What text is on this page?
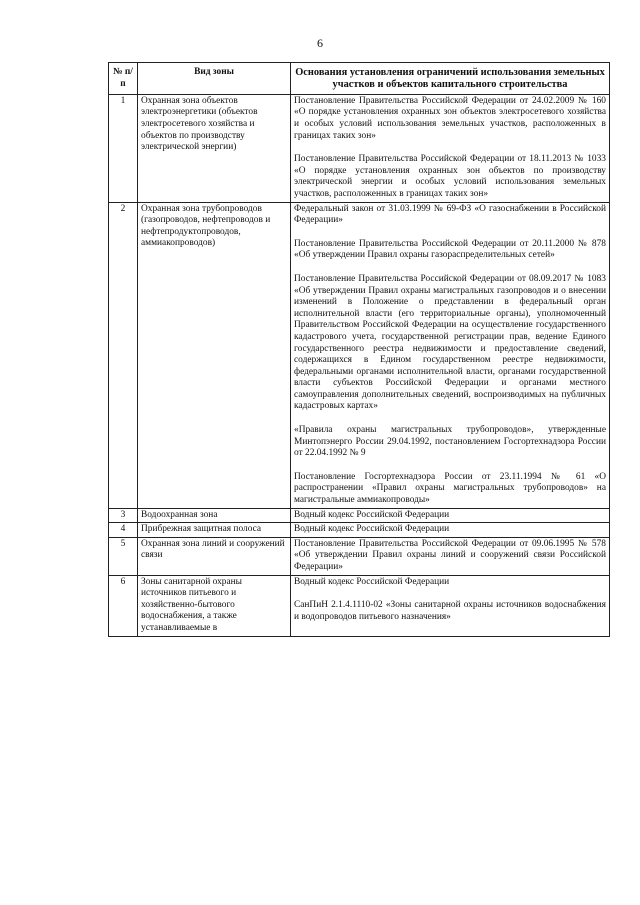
6
№ п/п	Вид зоны	Основания установления ограничений использования земельных участков и объектов капитального строительства
1	Охранная зона объектов электроэнергетики (объектов электросетевого хозяйства и объектов по производству электрической энергии)	Постановление Правительства Российской Федерации от 24.02.2009 № 160 «О порядке установления охранных зон объектов электросетевого хозяйства и особых условий использования земельных участков, расположенных в границах таких зон»

Постановление Правительства Российской Федерации от 18.11.2013 № 1033 «О порядке установления охранных зон объектов по производству электрической энергии и особых условий использования земельных участков, расположенных в границах таких зон»

2	Охранная зона трубопроводов (газопроводов, нефтепроводов и нефтепродуктопроводов, аммиакопроводов)	Федеральный закон от 31.03.1999 № 69-ФЗ «О газоснабжении в Российской Федерации»

Постановление Правительства Российской Федерации от 20.11.2000 № 878 «Об утверждении Правил охраны газораспределительных сетей»

Постановление Правительства Российской Федерации от 08.09.2017 № 1083 «Об утверждении Правил охраны магистральных газопроводов и о внесении изменений в Положение о представлении в федеральный орган исполнительной власти (его территориальные органы), уполномоченный Правительством Российской Федерации на осуществление государственного кадастрового учета, государственной регистрации прав, ведение Единого государственного реестра недвижимости и предоставление сведений, содержащихся в Едином государственном реестре недвижимости, федеральными органами исполнительной власти, органами государственной власти субъектов Российской Федерации и органами местного самоуправления дополнительных сведений, воспроизводимых на публичных кадастровых картах»

«Правила охраны магистральных трубопроводов», утвержденные Минтопэнерго России 29.04.1992, постановлением Госгортехнадзора России от 22.04.1992 № 9

Постановление Госгортехнадзора России от 23.11.1994 № 61 «О распространении «Правил охраны магистральных трубопроводов» на магистральные аммиакопроводы»

3	Водоохранная зона	Водный кодекс Российской Федерации

4	Прибрежная защитная полоса	Водный кодекс Российской Федерации

5	Охранная зона линий и сооружений связи	Постановление Правительства Российской Федерации от 09.06.1995 № 578 «Об утверждении Правил охраны линий и сооружений связи Российской Федерации»

6	Зоны санитарной охраны источников питьевого и хозяйственно-бытового водоснабжения, а также устанавливаемые в	Водный кодекс Российской Федерации

СанПиН 2.1.4.1110-02 «Зоны санитарной охраны источников водоснабжения и водопроводов питьевого назначения»
